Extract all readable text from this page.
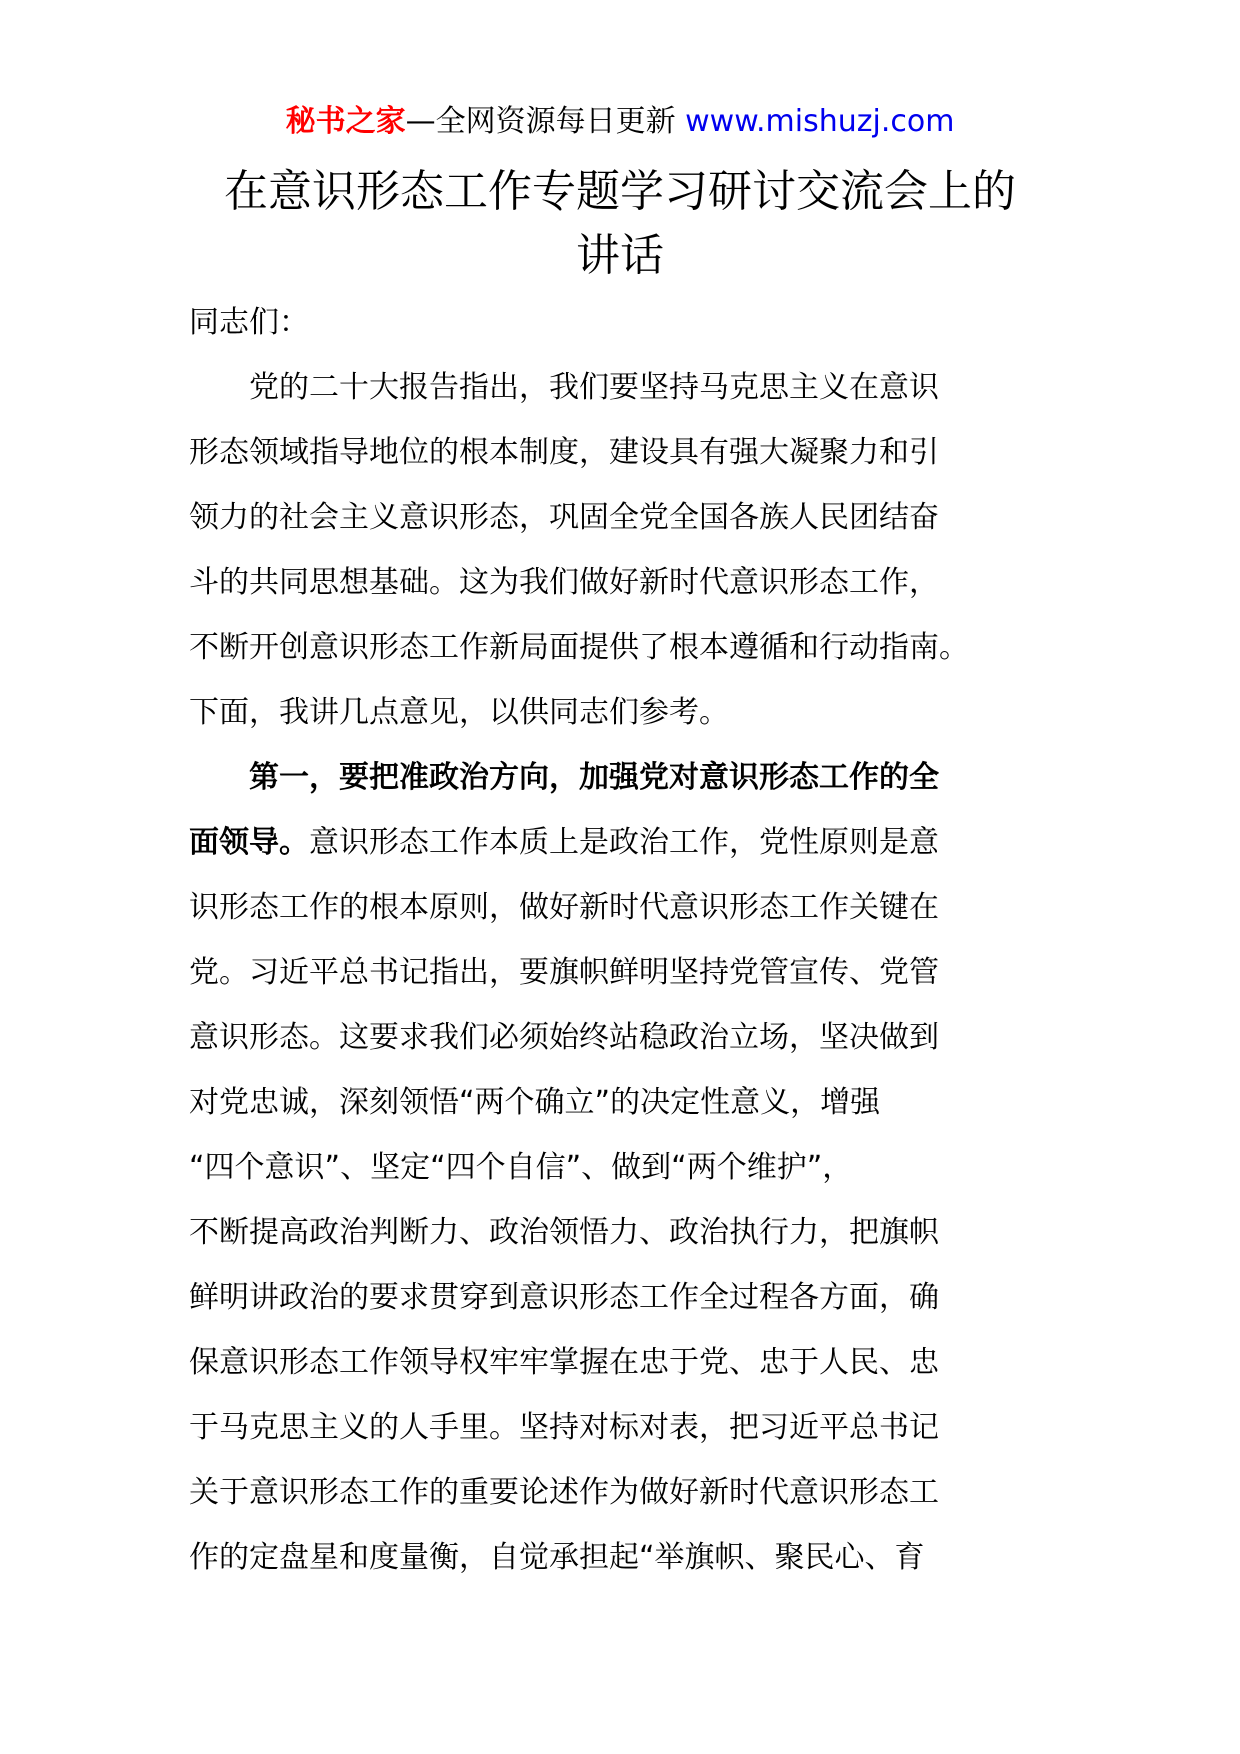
秘书之家—全网资源每日更新 www.mishuzj.com
在意识形态工作专题学习研讨交流会上的
讲话
同志们：
　　党的二十大报告指出，我们要坚持马克思主义在意识
形态领域指导地位的根本制度，建设具有强大凝聚力和引
领力的社会主义意识形态，巩固全党全国各族人民团结奋
斗的共同思想基础。这为我们做好新时代意识形态工作，
不断开创意识形态工作新局面提供了根本遵循和行动指南。
下面，我讲几点意见，以供同志们参考。
　　第一，要把准政治方向，加强党对意识形态工作的全
面领导。意识形态工作本质上是政治工作，党性原则是意
识形态工作的根本原则，做好新时代意识形态工作关键在
党。习近平总书记指出，要旗帜鲜明坚持党管宣传、党管
意识形态。这要求我们必须始终站稳政治立场，坚决做到
对党忠诚，深刻领悟“两个确立”的决定性意义，增强
“四个意识”、坚定“四个自信”、做到“两个维护”，
不断提高政治判断力、政治领悟力、政治执行力，把旗帜
鲜明讲政治的要求贯穿到意识形态工作全过程各方面，确
保意识形态工作领导权牢牢掌握在忠于党、忠于人民、忠
于马克思主义的人手里。坚持对标对表，把习近平总书记
关于意识形态工作的重要论述作为做好新时代意识形态工
作的定盘星和度量衡，自觉承担起“举旗帜、聚民心、育
